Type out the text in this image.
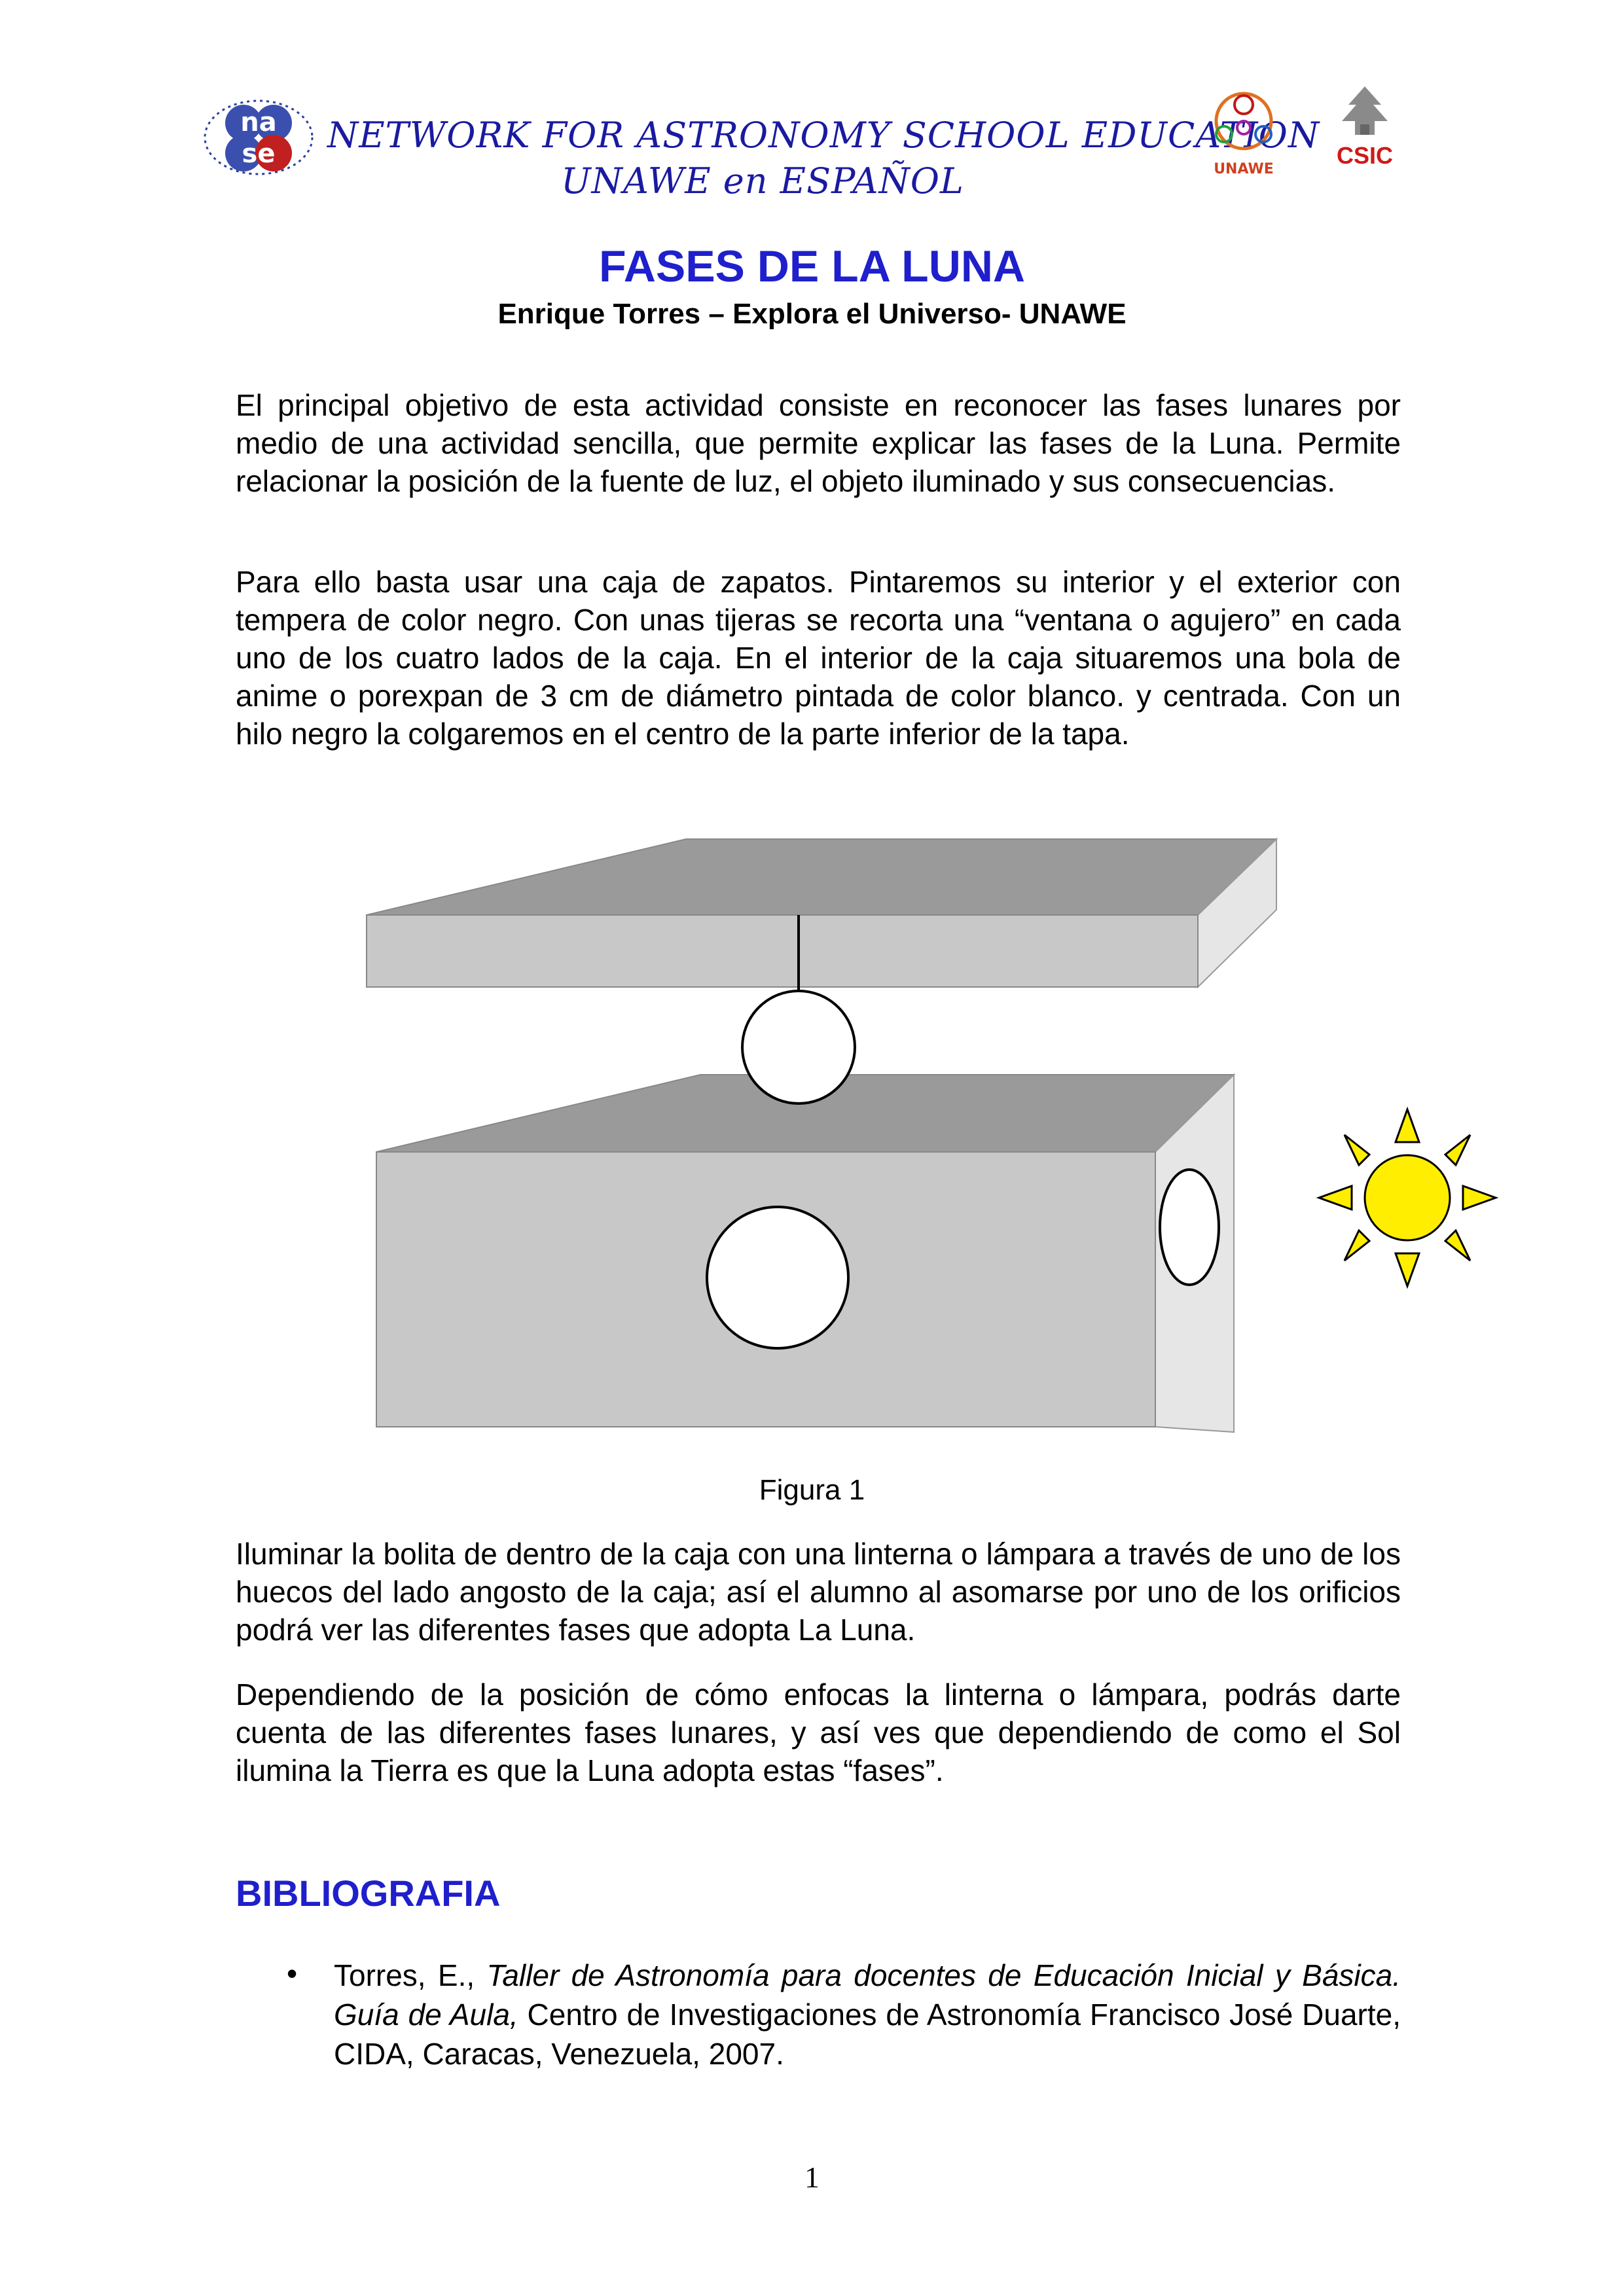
na
se NETWORK FOR ASTRONOMY SCHOOL EDUCATION
UNAWE en ESPAÑOL	UNAWE
CSIC
FASES DE LA LUNA
Enrique Torres – Explora el Universo- UNAWE
El principal objetivo de esta actividad consiste en reconocer las fases lunares por medio de una actividad sencilla, que permite explicar las fases de la Luna. Permite relacionar la posición de la fuente de luz, el objeto iluminado y sus consecuencias.
Para ello basta usar una caja de zapatos. Pintaremos su interior y el exterior con tempera de color negro. Con unas tijeras se recorta una “ventana o agujero” en cada uno de los cuatro lados de la caja. En el interior de la caja situaremos una bola de anime o porexpan de 3 cm de diámetro pintada de color blanco. y centrada. Con un hilo negro la colgaremos en el centro de la parte inferior de la tapa.
Figura 1
Iluminar la bolita de dentro de la caja con una linterna o lámpara a través de uno de los huecos del lado angosto de la caja; así el alumno al asomarse por uno de los orificios podrá ver las diferentes fases que adopta La Luna.
Dependiendo de la posición de cómo enfocas la linterna o lámpara, podrás darte cuenta de las diferentes fases lunares, y así ves que dependiendo de como el Sol ilumina la Tierra es que la Luna adopta estas “fases”.
BIBLIOGRAFIA
• Torres, E., Taller de Astronomía para docentes de Educación Inicial y Básica. Guía de Aula, Centro de Investigaciones de Astronomía Francisco José Duarte, CIDA, Caracas, Venezuela, 2007.
1
